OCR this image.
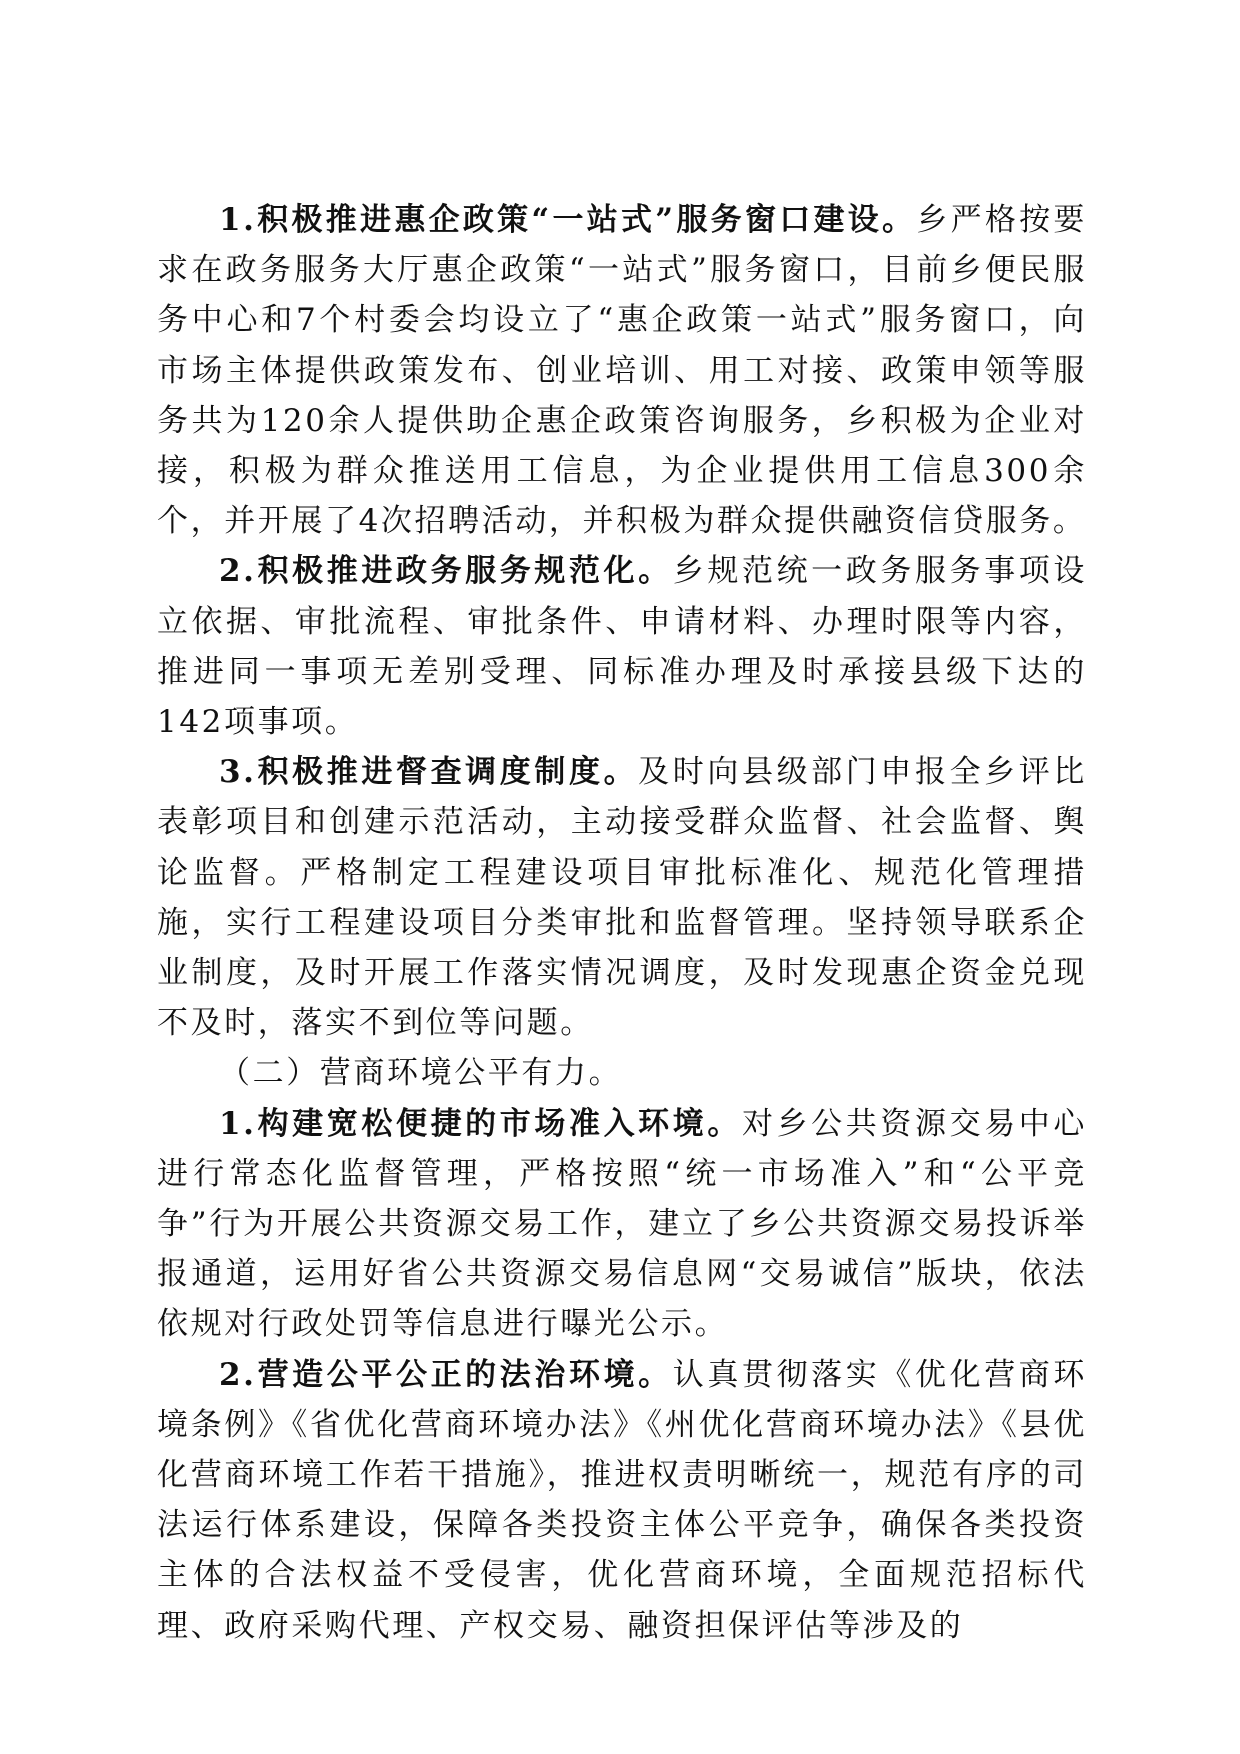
1.积极推进惠企政策“一站式”服务窗口建设。乡严格按要求在政务服务大厅惠企政策“一站式”服务窗口，目前乡便民服务中心和7个村委会均设立了“惠企政策一站式”服务窗口，向市场主体提供政策发布、创业培训、用工对接、政策申领等服务共为120余人提供助企惠企政策咨询服务，乡积极为企业对接，积极为群众推送用工信息，为企业提供用工信息300余个，并开展了4次招聘活动，并积极为群众提供融资信贷服务。

2.积极推进政务服务规范化。乡规范统一政务服务事项设立依据、审批流程、审批条件、申请材料、办理时限等内容，推进同一事项无差别受理、同标准办理及时承接县级下达的142项事项。

3.积极推进督查调度制度。及时向县级部门申报全乡评比表彰项目和创建示范活动，主动接受群众监督、社会监督、舆论监督。严格制定工程建设项目审批标准化、规范化管理措施，实行工程建设项目分类审批和监督管理。坚持领导联系企业制度，及时开展工作落实情况调度，及时发现惠企资金兑现不及时，落实不到位等问题。

（二）营商环境公平有力。

1.构建宽松便捷的市场准入环境。对乡公共资源交易中心进行常态化监督管理，严格按照“统一市场准入”和“公平竞争”行为开展公共资源交易工作，建立了乡公共资源交易投诉举报通道，运用好省公共资源交易信息网“交易诚信”版块，依法依规对行政处罚等信息进行曝光公示。

2.营造公平公正的法治环境。认真贯彻落实《优化营商环境条例》《省优化营商环境办法》《州优化营商环境办法》《县优化营商环境工作若干措施》，推进权责明晰统一，规范有序的司法运行体系建设，保障各类投资主体公平竞争，确保各类投资主体的合法权益不受侵害，优化营商环境，全面规范招标代理、政府采购代理、产权交易、融资担保评估等涉及的
